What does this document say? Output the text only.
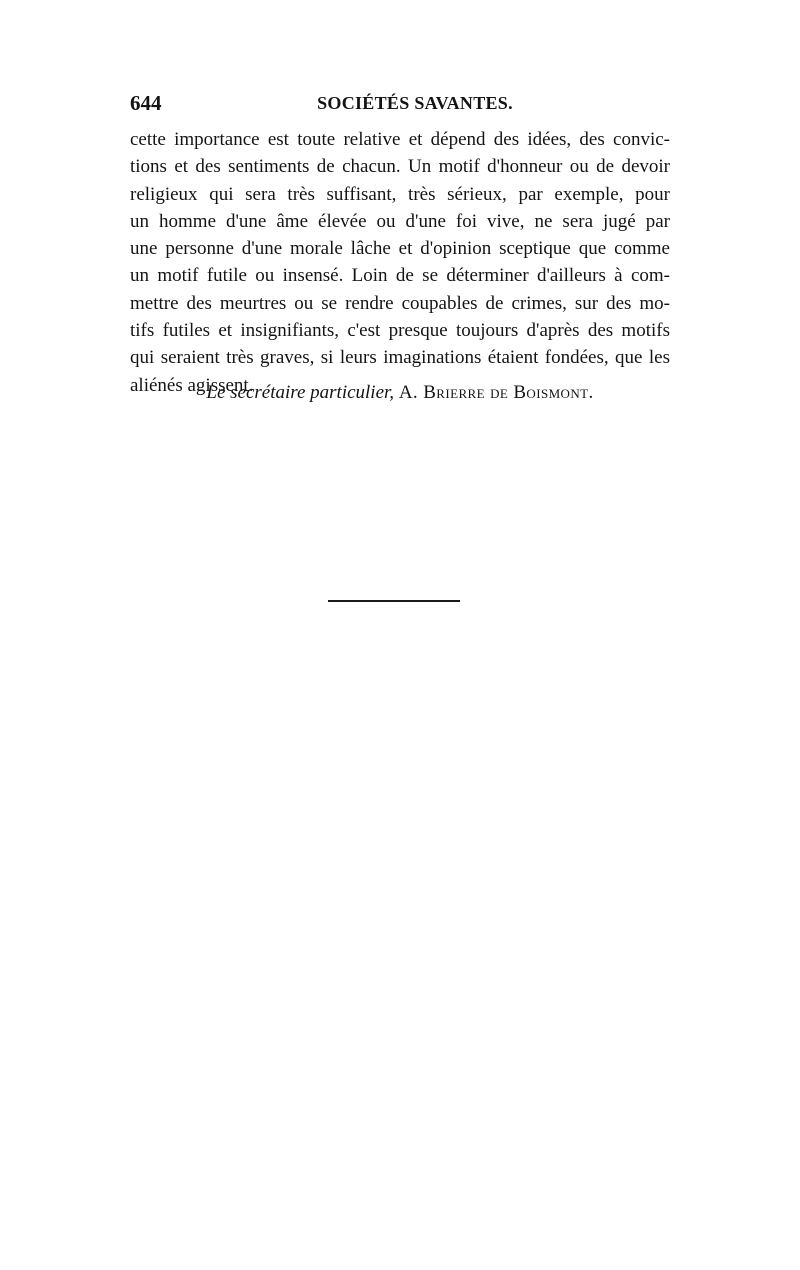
644	SOCIÉTÉS SAVANTES.

cette importance est toute relative et dépend des idées, des convic-
tions et des sentiments de chacun. Un motif d'honneur ou de devoir
religieux qui sera très suffisant, très sérieux, par exemple, pour
un homme d'une âme élevée ou d'une foi vive, ne sera jugé par
une personne d'une morale lâche et d'opinion sceptique que comme
un motif futile ou insensé. Loin de se déterminer d'ailleurs à com-
mettre des meurtres ou se rendre coupables de crimes, sur des mo-
tifs futiles et insignifiants, c'est presque toujours d'après des motifs
qui seraient très graves, si leurs imaginations étaient fondées, que les
aliénés agissent.

Le secrétaire particulier, A. Brierre de Boismont.
